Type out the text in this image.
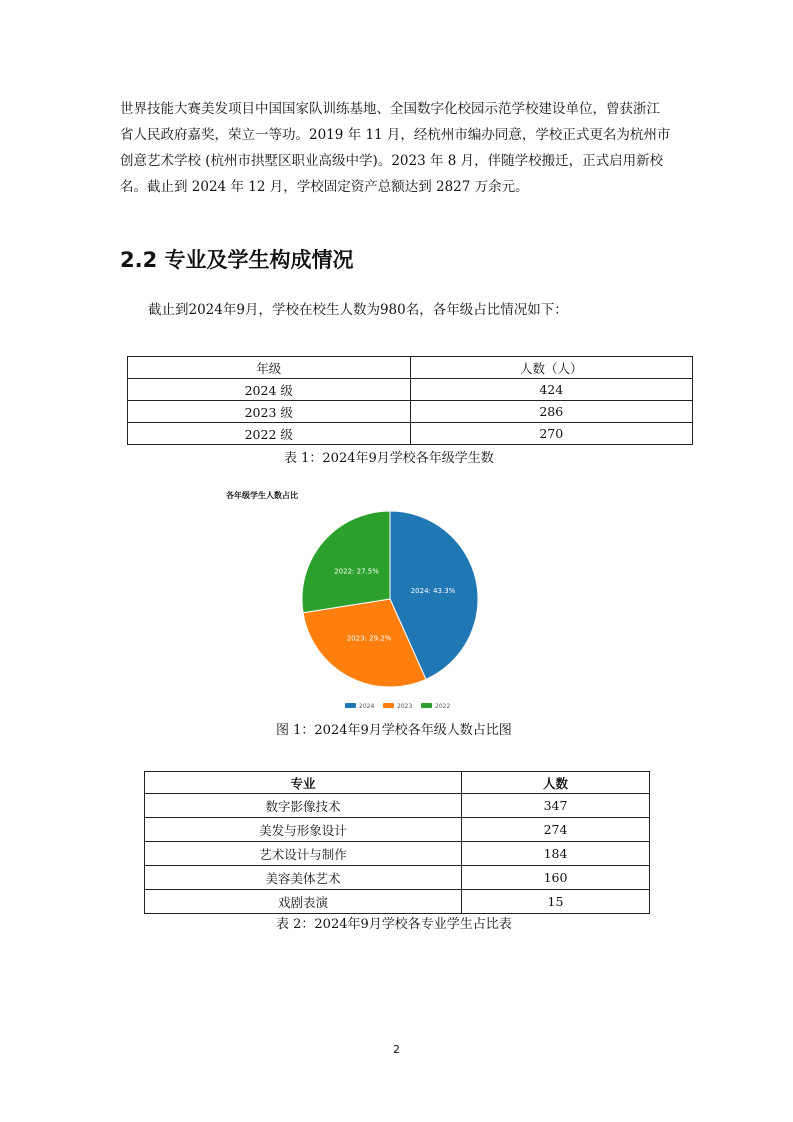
世界技能大赛美发项目中国国家队训练基地、全国数字化校园示范学校建设单位，曾获浙江
省人民政府嘉奖，荣立一等功。2019 年 11 月，经杭州市编办同意，学校正式更名为杭州市
创意艺术学校 (杭州市拱墅区职业高级中学)。2023 年 8 月，伴随学校搬迁，正式启用新校
名。截止到 2024 年 12 月，学校固定资产总额达到 2827 万余元。
2.2 专业及学生构成情况
截止到2024年9月，学校在校生人数为980名，各年级占比情况如下：
年级	人数（人）
2024 级	424
2023 级	286
2022 级	270
表 1：2024年9月学校各年级学生数
各年级学生人数占比
2024: 43.3%
2023: 29.2%
2022: 27.5%
2024	2023	2022
图 1：2024年9月学校各年级人数占比图
专业	人数
数字影像技术	347
美发与形象设计	274
艺术设计与制作	184
美容美体艺术	160
戏剧表演	15
表 2：2024年9月学校各专业学生占比表
2
